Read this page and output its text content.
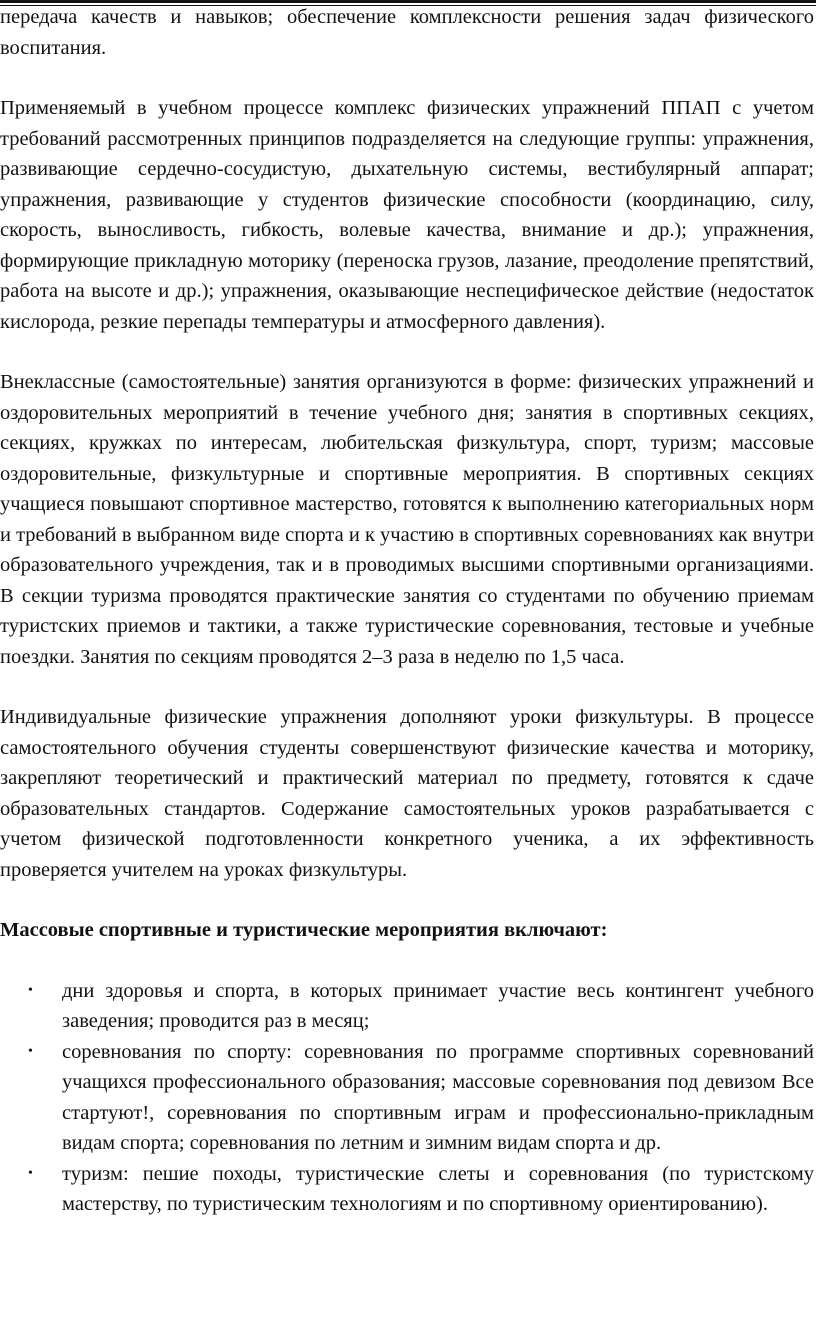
передача качеств и навыков; обеспечение комплексности решения задач физического воспитания.

Применяемый в учебном процессе комплекс физических упражнений ППАП с учетом требований рассмотренных принципов подразделяется на следующие группы: упражнения, развивающие сердечно-сосудистую, дыхательную системы, вестибулярный аппарат; упражнения, развивающие у студентов физические способности (координацию, силу, скорость, выносливость, гибкость, волевые качества, внимание и др.); упражнения, формирующие прикладную моторику (переноска грузов, лазание, преодоление препятствий, работа на высоте и др.); упражнения, оказывающие неспецифическое действие (недостаток кислорода, резкие перепады температуры и атмосферного давления).

Внеклассные (самостоятельные) занятия организуются в форме: физических упражнений и оздоровительных мероприятий в течение учебного дня; занятия в спортивных секциях, секциях, кружках по интересам, любительская физкультура, спорт, туризм; массовые оздоровительные, физкультурные и спортивные мероприятия. В спортивных секциях учащиеся повышают спортивное мастерство, готовятся к выполнению категориальных норм и требований в выбранном виде спорта и к участию в спортивных соревнованиях как внутри образовательного учреждения, так и в проводимых высшими спортивными организациями. В секции туризма проводятся практические занятия со студентами по обучению приемам туристских приемов и тактики, а также туристические соревнования, тестовые и учебные поездки. Занятия по секциям проводятся 2–3 раза в неделю по 1,5 часа.

Индивидуальные физические упражнения дополняют уроки физкультуры. В процессе самостоятельного обучения студенты совершенствуют физические качества и моторику, закрепляют теоретический и практический материал по предмету, готовятся к сдаче образовательных стандартов. Содержание самостоятельных уроков разрабатывается с учетом физической подготовленности конкретного ученика, а их эффективность проверяется учителем на уроках физкультуры.

Массовые спортивные и туристические мероприятия включают:

• дни здоровья и спорта, в которых принимает участие весь контингент учебного заведения; проводится раз в месяц;
• соревнования по спорту: соревнования по программе спортивных соревнований учащихся профессионального образования; массовые соревнования под девизом Все стартуют!, соревнования по спортивным играм и профессионально-прикладным видам спорта; соревнования по летним и зимним видам спорта и др.
• туризм: пешие походы, туристические слеты и соревнования (по туристскому мастерству, по туристическим технологиям и по спортивному ориентированию).
